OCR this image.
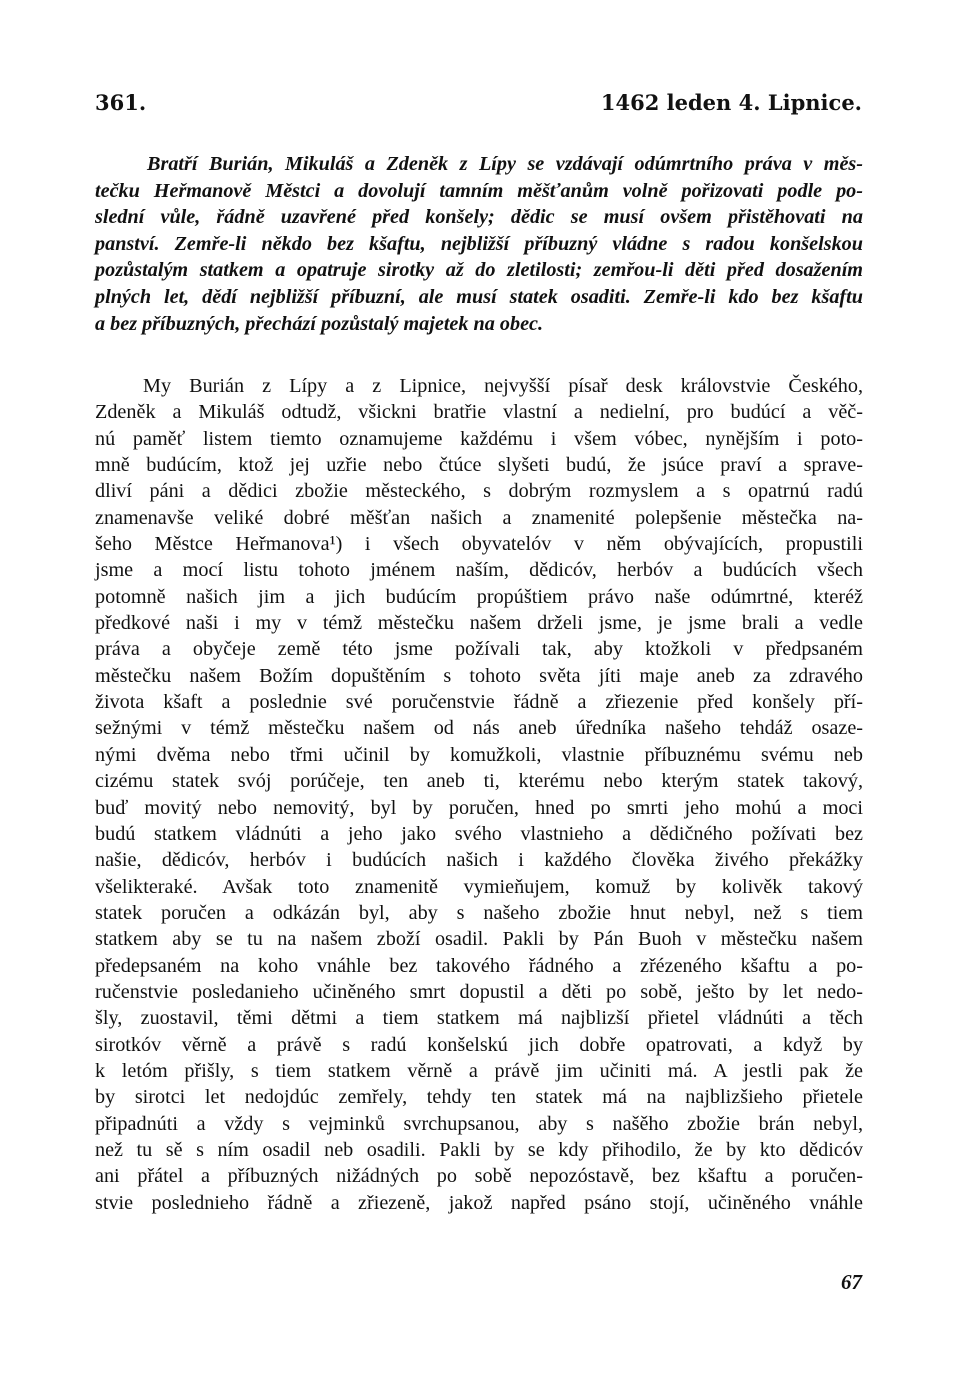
361.	1462 leden 4. Lipnice.
Bratří Burián, Mikuláš a Zdeněk z Lípy se vzdávají odúmrtního práva v měs-
tečku Heřmanově Městci a dovolují tamním měšťanům volně pořizovati podle po-
slední vůle, řádně uzavřené před konšely; dědic se musí ovšem přistěhovati na
panství. Zemře-li někdo bez kšaftu, nejbližší příbuzný vládne s radou konšelskou
pozůstalým statkem a opatruje sirotky až do zletilosti; zemřou-li děti před dosažením
plných let, dědí nejbližší příbuzní, ale musí statek osaditi. Zemře-li kdo bez kšaftu
a bez příbuzných, přechází pozůstalý majetek na obec.
My Burián z Lípy a z Lipnice, nejvyšší písař desk královstvie Českého,
Zdeněk a Mikuláš odtudž, všickni bratřie vlastní a nedielní, pro budúcí a věč-
nú paměť listem tiemto oznamujeme každému i všem vóbec, nynějším i poto-
mně budúcím, ktož jej uzřie nebo čtúce slyšeti budú, že jsúce praví a sprave-
dliví páni a dědici zbožie městeckého, s dobrým rozmyslem a s opatrnú radú
znamenavše veliké dobré měšťan našich a znamenité polepšenie městečka na-
šeho Městce Heřmanova¹) i všech obyvatelóv v něm obývajících, propustili
jsme a mocí listu tohoto jménem naším, dědicóv, herbóv a budúcích všech
potomně našich jim a jich budúcím propúštiem právo naše odúmrtné, kteréž
předkové naši i my v témž městečku našem drželi jsme, je jsme brali a vedle
práva a obyčeje země této jsme požívali tak, aby ktožkoli v předpsaném
městečku našem Božím dopuštěním s tohoto světa jíti maje aneb za zdravého
života kšaft a poslednie své poručenstvie řádně a zřiezenie před konšely pří-
sežnými v témž městečku našem od nás aneb úředníka našeho tehdáž osaze-
nými dvěma nebo třmi učinil by komužkoli, vlastnie příbuznému svému neb
cizému statek svój porúčeje, ten aneb ti, kterému nebo kterým statek takový,
buď movitý nebo nemovitý, byl by poručen, hned po smrti jeho mohú a moci
budú statkem vládnúti a jeho jako svého vlastnieho a dědičného požívati bez
našie, dědicóv, herbóv i budúcích našich i každého člověka živého překážky
všelikteraké. Avšak toto znamenitě vymieňujem, komuž by kolivěk takový
statek poručen a odkázán byl, aby s našeho zbožie hnut nebyl, než s tiem
statkem aby se tu na našem zboží osadil. Pakli by Pán Buoh v městečku našem
předepsaném na koho vnáhle bez takového řádného a zřézeného kšaftu a po-
ručenstvie posledanieho učiněného smrt dopustil a děti po sobě, ješto by let nedo-
šly, zuostavil, těmi dětmi a tiem statkem má najblizší přietel vládnúti a těch
sirotkóv věrně a právě s radú konšelskú jich dobře opatrovati, a když by
k letóm přišly, s tiem statkem věrně a právě jim učiniti má. A jestli pak že
by sirotci let nedojdúc zemřely, tehdy ten statek má na najblizšieho přietele
připadnúti a vždy s vejminků svrchupsanou, aby s našěho zbožie brán nebyl,
než tu sě s ním osadil neb osadili. Pakli by se kdy přihodilo, že by kto dědicóv
ani přátel a příbuzných nižádných po sobě nepozóstavě, bez kšaftu a poručen-
stvie posledniehо řádně a zřiezeně, jakož napřed psáno stojí, učiněného vnáhle
67
